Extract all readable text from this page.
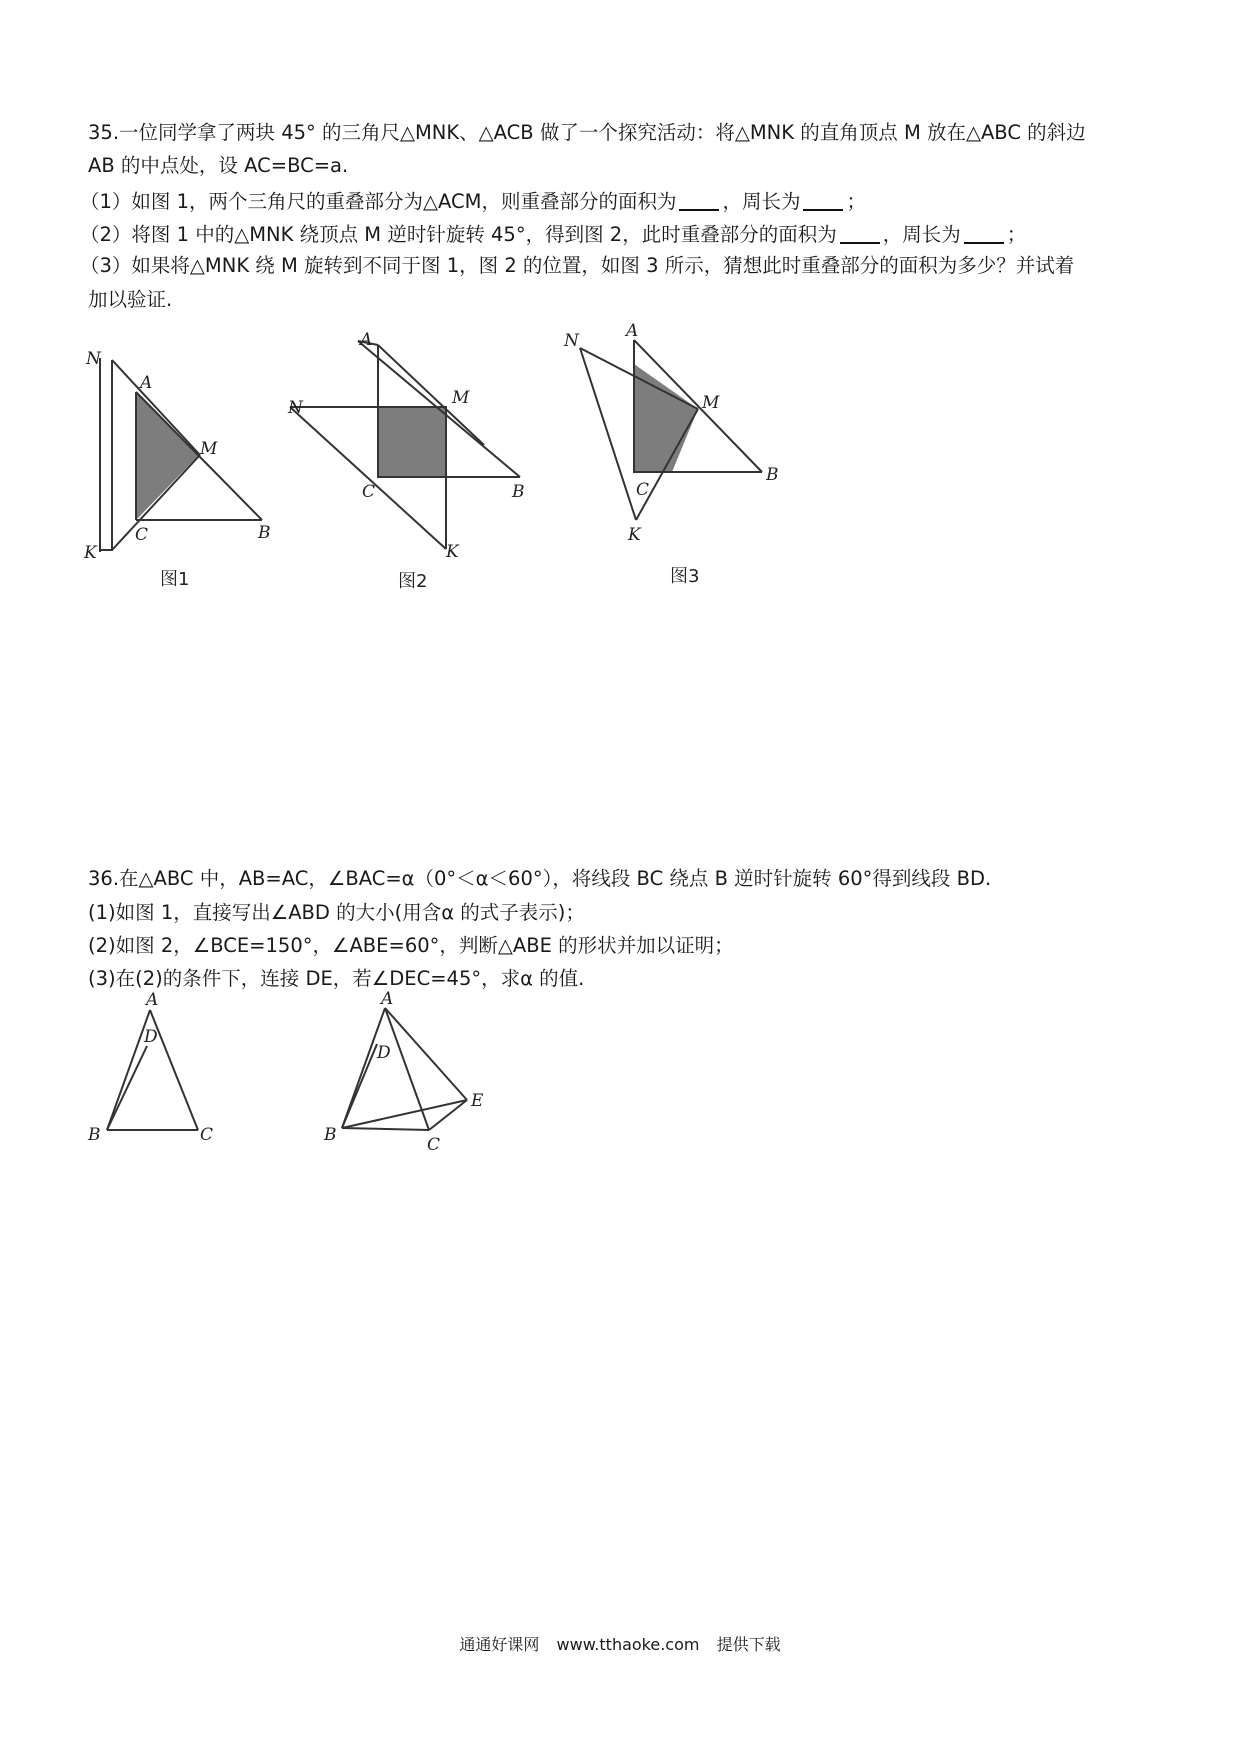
35.一位同学拿了两块 45° 的三角尺△MNK、△ACB 做了一个探究活动：将△MNK 的直角顶点 M 放在△ABC 的斜边
AB 的中点处，设 AC=BC=a.
（1）如图 1，两个三角尺的重叠部分为△ACM，则重叠部分的面积为 ，周长为 ；
（2）将图 1 中的△MNK 绕顶点 M 逆时针旋转 45°，得到图 2，此时重叠部分的面积为 ，周长为 ；
（3）如果将△MNK 绕 M 旋转到不同于图 1，图 2 的位置，如图 3 所示，猜想此时重叠部分的面积为多少？并试着
加以验证.
N
A
M
C	B
K
图1
A
N	M
C	B
K
图2
N	A
M
C
B
K
图3
36.在△ABC 中，AB=AC，∠BAC=α（0°＜α＜60°），将线段 BC 绕点 B 逆时针旋转 60°得到线段 BD.
(1)如图 1，直接写出∠ABD 的大小(用含α 的式子表示)；
(2)如图 2，∠BCE=150°，∠ABE=60°，判断△ABE 的形状并加以证明；
(3)在(2)的条件下，连接 DE，若∠DEC=45°，求α 的值.
A
D
B	C
A
D
E
B	C
通通好课网 www.tthaoke.com 提供下载
